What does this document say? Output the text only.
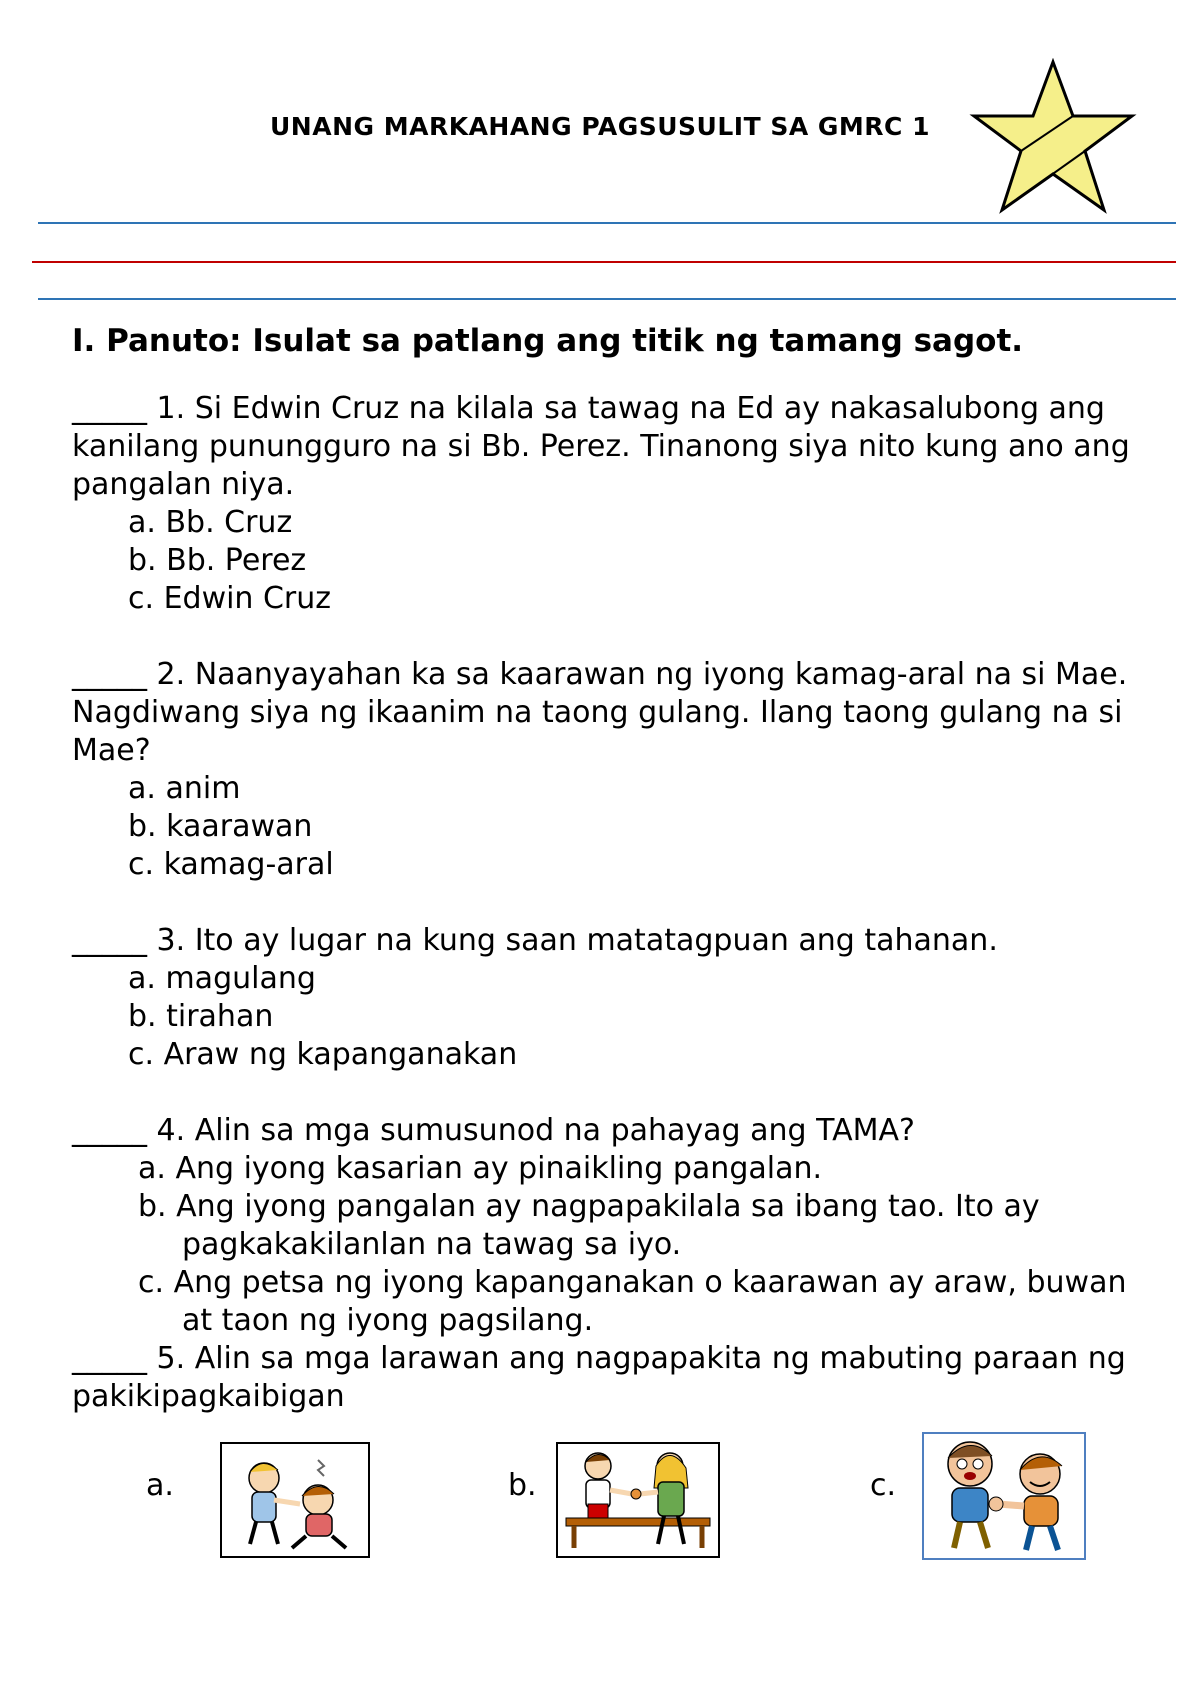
UNANG MARKAHANG PAGSUSULIT SA GMRC 1

I. Panuto: Isulat sa patlang ang titik ng tamang sagot.

_____ 1. Si Edwin Cruz na kilala sa tawag na Ed ay nakasalubong ang kanilang punungguro na si Bb. Perez. Tinanong siya nito kung ano ang pangalan niya.

a. Bb. Cruz
b. Bb. Perez
c. Edwin Cruz

_____ 2. Naanyayahan ka sa kaarawan ng iyong kamag-aral na si Mae. Nagdiwang siya ng ikaanim na taong gulang. Ilang taong gulang na si Mae?

a. anim
b. kaarawan
c. kamag-aral

_____ 3. Ito ay lugar na kung saan matatagpuan ang tahanan.

a. magulang
b. tirahan
c. Araw ng kapanganakan

_____ 4. Alin sa mga sumusunod na pahayag ang TAMA?

a. Ang iyong kasarian ay pinaikling pangalan.
b. Ang iyong pangalan ay nagpapakilala sa ibang tao. Ito ay pagkakakilanlan na tawag sa iyo.
c. Ang petsa ng iyong kapanganakan o kaarawan ay araw, buwan at taon ng iyong pagsilang.

_____ 5. Alin sa mga larawan ang nagpapakita ng mabuting paraan ng pakikipagkaibigan

a.	b.	c.
